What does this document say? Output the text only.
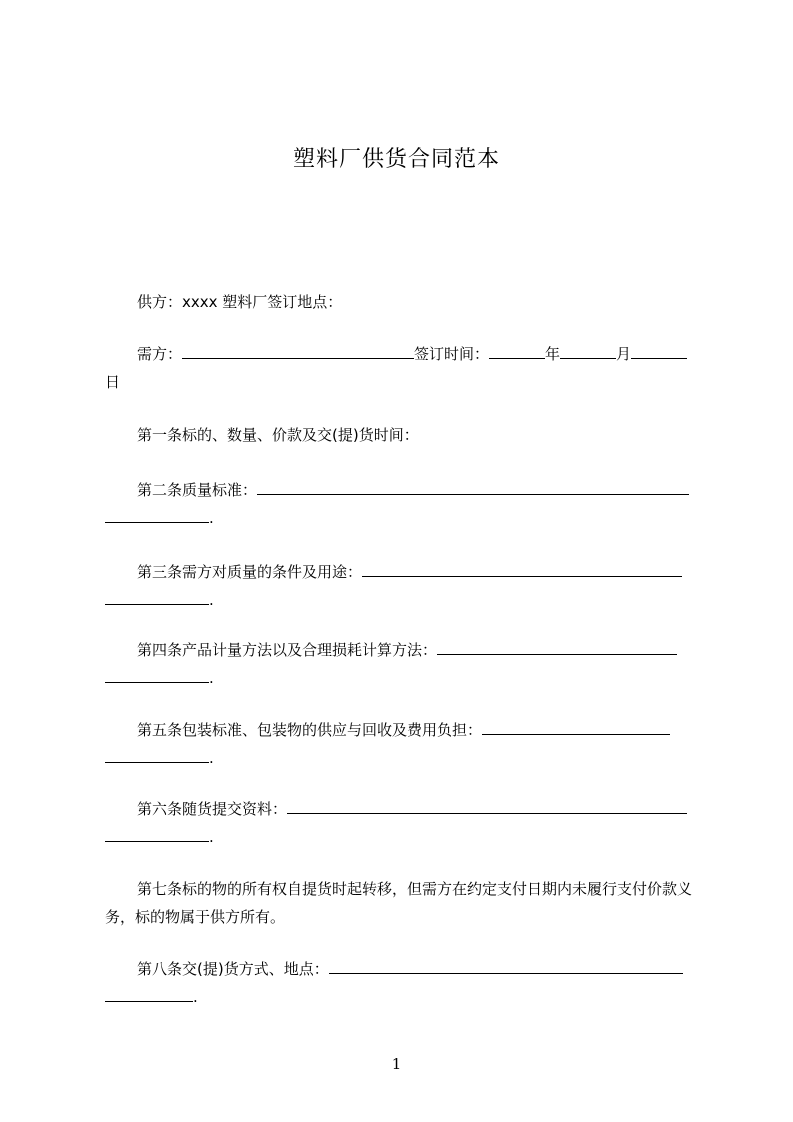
塑料厂供货合同范本
供方：xxxx 塑料厂签订地点：
需方：	签订时间：	年	月
日
第一条标的、数量、价款及交(提)货时间：
第二条质量标准：
.
第三条需方对质量的条件及用途：
.
第四条产品计量方法以及合理损耗计算方法：
.
第五条包装标准、包装物的供应与回收及费用负担：
.
第六条随货提交资料：
.
第七条标的物的所有权自提货时起转移，但需方在约定支付日期内未履行支付价款义务，标的物属于供方所有。
第八条交(提)货方式、地点：
.
1
